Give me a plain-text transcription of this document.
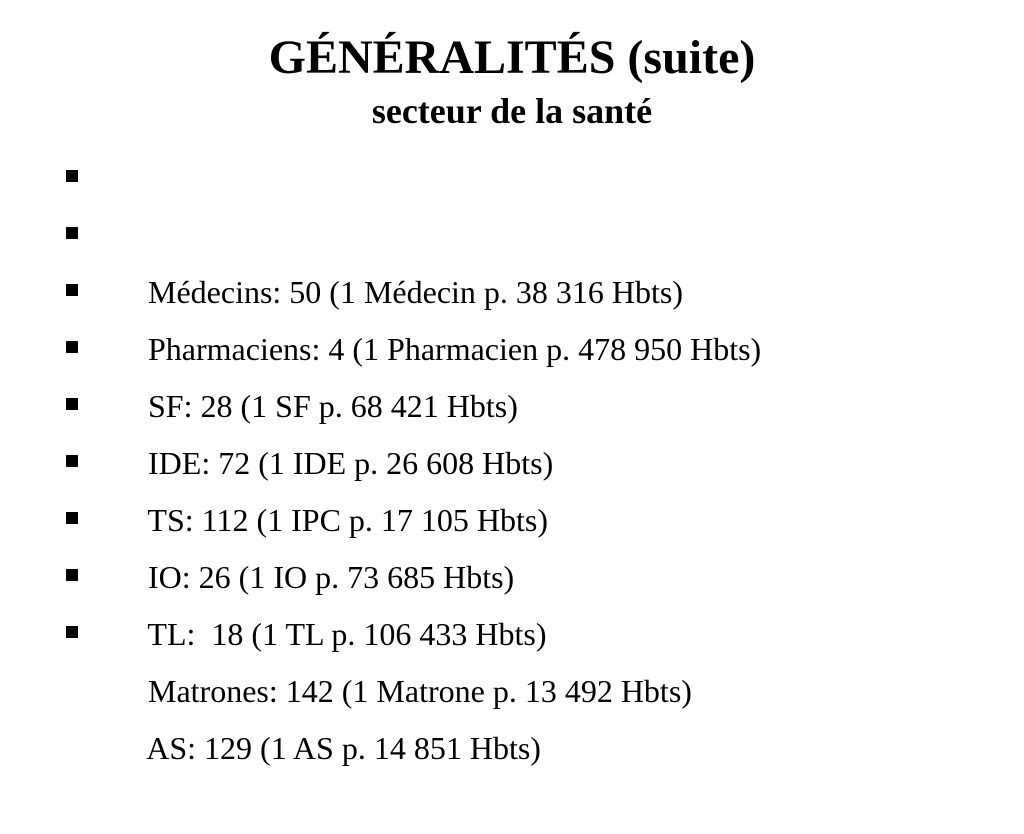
GÉNÉRALITÉS (suite)
secteur de la santé

Médecins: 50 (1 Médecin p. 38 316 Hbts)

Pharmaciens: 4 (1 Pharmacien p. 478 950 Hbts)

SF: 28 (1 SF p. 68 421 Hbts)

IDE: 72 (1 IDE p. 26 608 Hbts)

TS: 112 (1 IPC p. 17 105 Hbts)

IO: 26 (1 IO p. 73 685 Hbts)

TL:  18 (1 TL p. 106 433 Hbts)

Matrones: 142 (1 Matrone p. 13 492 Hbts)

AS: 129 (1 AS p. 14 851 Hbts)
